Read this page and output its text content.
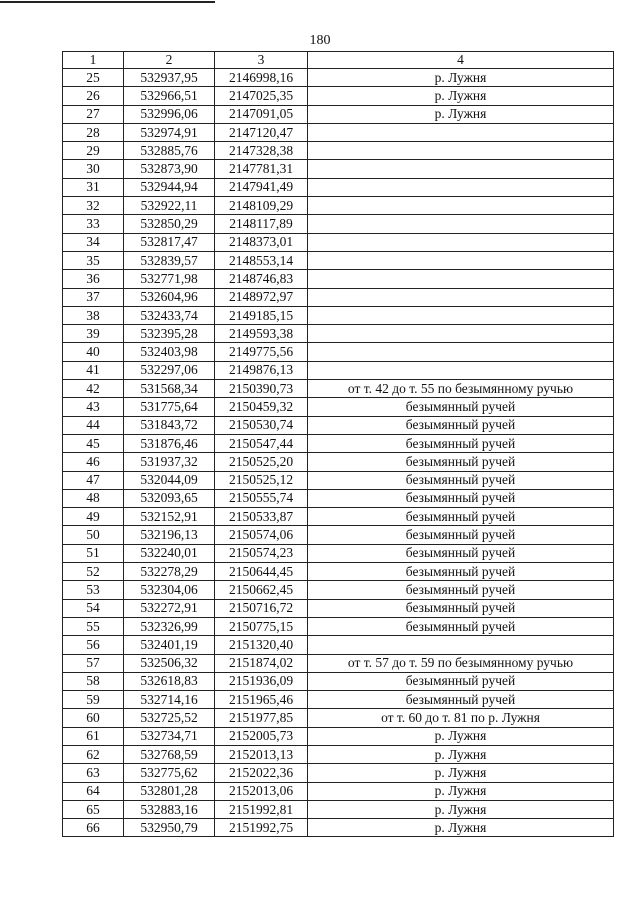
180
1	2	3	4
25	532937,95	2146998,16	р. Лужня
26	532966,51	2147025,35	р. Лужня
27	532996,06	2147091,05	р. Лужня
28	532974,91	2147120,47	
29	532885,76	2147328,38	
30	532873,90	2147781,31	
31	532944,94	2147941,49	
32	532922,11	2148109,29	
33	532850,29	2148117,89	
34	532817,47	2148373,01	
35	532839,57	2148553,14	
36	532771,98	2148746,83	
37	532604,96	2148972,97	
38	532433,74	2149185,15	
39	532395,28	2149593,38	
40	532403,98	2149775,56	
41	532297,06	2149876,13	
42	531568,34	2150390,73	от т. 42 до т. 55 по безымянному ручью
43	531775,64	2150459,32	безымянный ручей
44	531843,72	2150530,74	безымянный ручей
45	531876,46	2150547,44	безымянный ручей
46	531937,32	2150525,20	безымянный ручей
47	532044,09	2150525,12	безымянный ручей
48	532093,65	2150555,74	безымянный ручей
49	532152,91	2150533,87	безымянный ручей
50	532196,13	2150574,06	безымянный ручей
51	532240,01	2150574,23	безымянный ручей
52	532278,29	2150644,45	безымянный ручей
53	532304,06	2150662,45	безымянный ручей
54	532272,91	2150716,72	безымянный ручей
55	532326,99	2150775,15	безымянный ручей
56	532401,19	2151320,40	
57	532506,32	2151874,02	от т. 57 до т. 59 по безымянному ручью
58	532618,83	2151936,09	безымянный ручей
59	532714,16	2151965,46	безымянный ручей
60	532725,52	2151977,85	от т. 60 до т. 81 по р. Лужня
61	532734,71	2152005,73	р. Лужня
62	532768,59	2152013,13	р. Лужня
63	532775,62	2152022,36	р. Лужня
64	532801,28	2152013,06	р. Лужня
65	532883,16	2151992,81	р. Лужня
66	532950,79	2151992,75	р. Лужня
